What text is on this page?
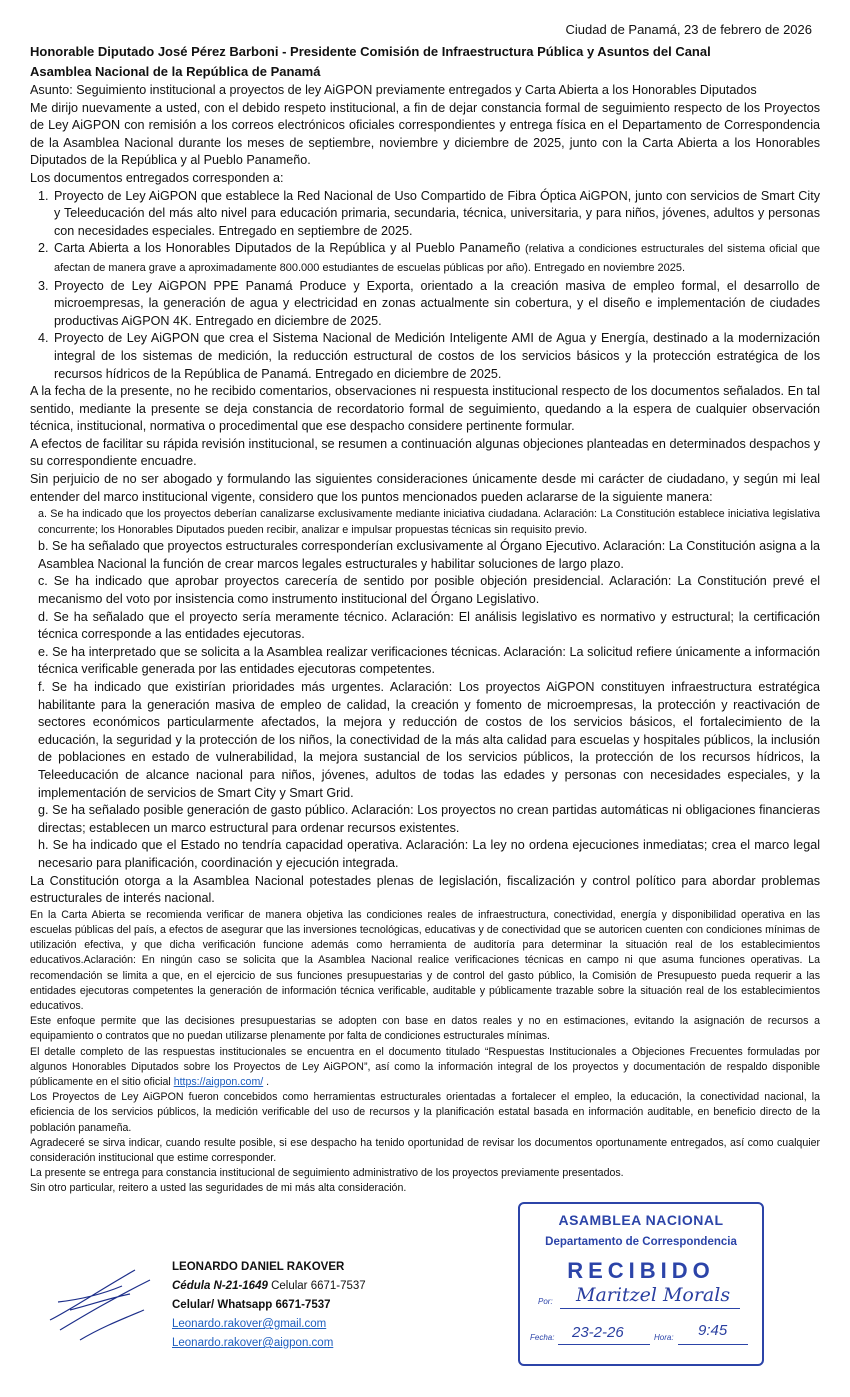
Ciudad de Panamá, 23 de febrero de 2026
Honorable Diputado José Pérez Barboni - Presidente Comisión de Infraestructura Pública y Asuntos del Canal
Asamblea Nacional de la República de Panamá

Asunto: Seguimiento institucional a proyectos de ley AiGPON previamente entregados y Carta Abierta a los Honorables Diputados

Me dirijo nuevamente a usted, con el debido respeto institucional, a fin de dejar constancia formal de seguimiento respecto de los Proyectos de Ley AiGPON con remisión a los correos electrónicos oficiales correspondientes y entrega física en el Departamento de Correspondencia de la Asamblea Nacional durante los meses de septiembre, noviembre y diciembre de 2025, junto con la Carta Abierta a los Honorables Diputados de la República y al Pueblo Panameño.

Los documentos entregados corresponden a:

1. Proyecto de Ley AiGPON que establece la Red Nacional de Uso Compartido de Fibra Óptica AiGPON, junto con servicios de Smart City y Teleeducación del más alto nivel para educación primaria, secundaria, técnica, universitaria, y para niños, jóvenes, adultos y personas con necesidades especiales. Entregado en septiembre de 2025.
2. Carta Abierta a los Honorables Diputados de la República y al Pueblo Panameño (relativa a condiciones estructurales del sistema oficial que afectan de manera grave a aproximadamente 800.000 estudiantes de escuelas públicas por año). Entregado en noviembre 2025.
3. Proyecto de Ley AiGPON PPE Panamá Produce y Exporta, orientado a la creación masiva de empleo formal, el desarrollo de microempresas, la generación de agua y electricidad en zonas actualmente sin cobertura, y el diseño e implementación de ciudades productivas AiGPON 4K. Entregado en diciembre de 2025.
4. Proyecto de Ley AiGPON que crea el Sistema Nacional de Medición Inteligente AMI de Agua y Energía, destinado a la modernización integral de los sistemas de medición, la reducción estructural de costos de los servicios básicos y la protección estratégica de los recursos hídricos de la República de Panamá. Entregado en diciembre de 2025.

A la fecha de la presente, no he recibido comentarios, observaciones ni respuesta institucional respecto de los documentos señalados. En tal sentido, mediante la presente se deja constancia de recordatorio formal de seguimiento, quedando a la espera de cualquier observación técnica, institucional, normativa o procedimental que ese despacho considere pertinente formular.

A efectos de facilitar su rápida revisión institucional, se resumen a continuación algunas objeciones planteadas en determinados despachos y su correspondiente encuadre.

Sin perjuicio de no ser abogado y formulando las siguientes consideraciones únicamente desde mi carácter de ciudadano, y según mi leal entender del marco institucional vigente, considero que los puntos mencionados pueden aclararse de la siguiente manera:

a. Se ha indicado que los proyectos deberían canalizarse exclusivamente mediante iniciativa ciudadana. Aclaración: La Constitución establece iniciativa legislativa concurrente; los Honorables Diputados pueden recibir, analizar e impulsar propuestas técnicas sin requisito previo.
b. Se ha señalado que proyectos estructurales corresponderían exclusivamente al Órgano Ejecutivo. Aclaración: La Constitución asigna a la Asamblea Nacional la función de crear marcos legales estructurales y habilitar soluciones de largo plazo.
c. Se ha indicado que aprobar proyectos carecería de sentido por posible objeción presidencial. Aclaración: La Constitución prevé el mecanismo del voto por insistencia como instrumento institucional del Órgano Legislativo.
d. Se ha señalado que el proyecto sería meramente técnico. Aclaración: El análisis legislativo es normativo y estructural; la certificación técnica corresponde a las entidades ejecutoras.
e. Se ha interpretado que se solicita a la Asamblea realizar verificaciones técnicas. Aclaración: La solicitud refiere únicamente a información técnica verificable generada por las entidades ejecutoras competentes.
f. Se ha indicado que existirían prioridades más urgentes. Aclaración: Los proyectos AiGPON constituyen infraestructura estratégica habilitante para la generación masiva de empleo de calidad, la creación y fomento de microempresas, la protección y reactivación de sectores económicos particularmente afectados, la mejora y reducción de costos de los servicios básicos, el fortalecimiento de la educación, la seguridad y la protección de los niños, la conectividad de la más alta calidad para escuelas y hospitales públicos, la inclusión de poblaciones en estado de vulnerabilidad, la mejora sustancial de los servicios públicos, la protección de los recursos hídricos, la Teleeducación de alcance nacional para niños, jóvenes, adultos de todas las edades y personas con necesidades especiales, y la implementación de servicios de Smart City y Smart Grid.
g. Se ha señalado posible generación de gasto público. Aclaración: Los proyectos no crean partidas automáticas ni obligaciones financieras directas; establecen un marco estructural para ordenar recursos existentes.
h. Se ha indicado que el Estado no tendría capacidad operativa. Aclaración: La ley no ordena ejecuciones inmediatas; crea el marco legal necesario para planificación, coordinación y ejecución integrada.

La Constitución otorga a la Asamblea Nacional potestades plenas de legislación, fiscalización y control político para abordar problemas estructurales de interés nacional.

En la Carta Abierta se recomienda verificar de manera objetiva las condiciones reales de infraestructura, conectividad, energía y disponibilidad operativa en las escuelas públicas del país, a efectos de asegurar que las inversiones tecnológicas, educativas y de conectividad que se autoricen cuenten con condiciones mínimas de utilización efectiva, y que dicha verificación funcione además como herramienta de auditoría para determinar la situación real de los establecimientos educativos.Aclaración: En ningún caso se solicita que la Asamblea Nacional realice verificaciones técnicas en campo ni que asuma funciones operativas. La recomendación se limita a que, en el ejercicio de sus funciones presupuestarias y de control del gasto público, la Comisión de Presupuesto pueda requerir a las entidades ejecutoras competentes la generación de información técnica verificable, auditable y públicamente trazable sobre la situación real de los establecimientos educativos.

Este enfoque permite que las decisiones presupuestarias se adopten con base en datos reales y no en estimaciones, evitando la asignación de recursos a equipamiento o contratos que no puedan utilizarse plenamente por falta de condiciones estructurales mínimas.

El detalle completo de las respuestas institucionales se encuentra en el documento titulado “Respuestas Institucionales a Objeciones Frecuentes formuladas por algunos Honorables Diputados sobre los Proyectos de Ley AiGPON”, así como la información integral de los proyectos y documentación de respaldo disponible públicamente en el sitio oficial https://aigpon.com/ .

Los Proyectos de Ley AiGPON fueron concebidos como herramientas estructurales orientadas a fortalecer el empleo, la educación, la conectividad nacional, la eficiencia de los servicios públicos, la medición verificable del uso de recursos y la planificación estatal basada en información auditable, en beneficio directo de la población panameña.

Agradeceré se sirva indicar, cuando resulte posible, si ese despacho ha tenido oportunidad de revisar los documentos oportunamente entregados, así como cualquier consideración institucional que estime corresponder.

La presente se entrega para constancia institucional de seguimiento administrativo de los proyectos previamente presentados.

Sin otro particular, reitero a usted las seguridades de mi más alta consideración.

LEONARDO DANIEL RAKOVER
Cédula N-21-1649 Celular 6671-7537
Celular/ Whatsapp 6671-7537
Leonardo.rakover@gmail.com
Leonardo.rakover@aigpon.com
ASAMBLEA NACIONAL
Departamento de Correspondencia
RECIBIDO
Por: Maritzel Morals
Fecha: 23-2-26	Hora: 9:45
